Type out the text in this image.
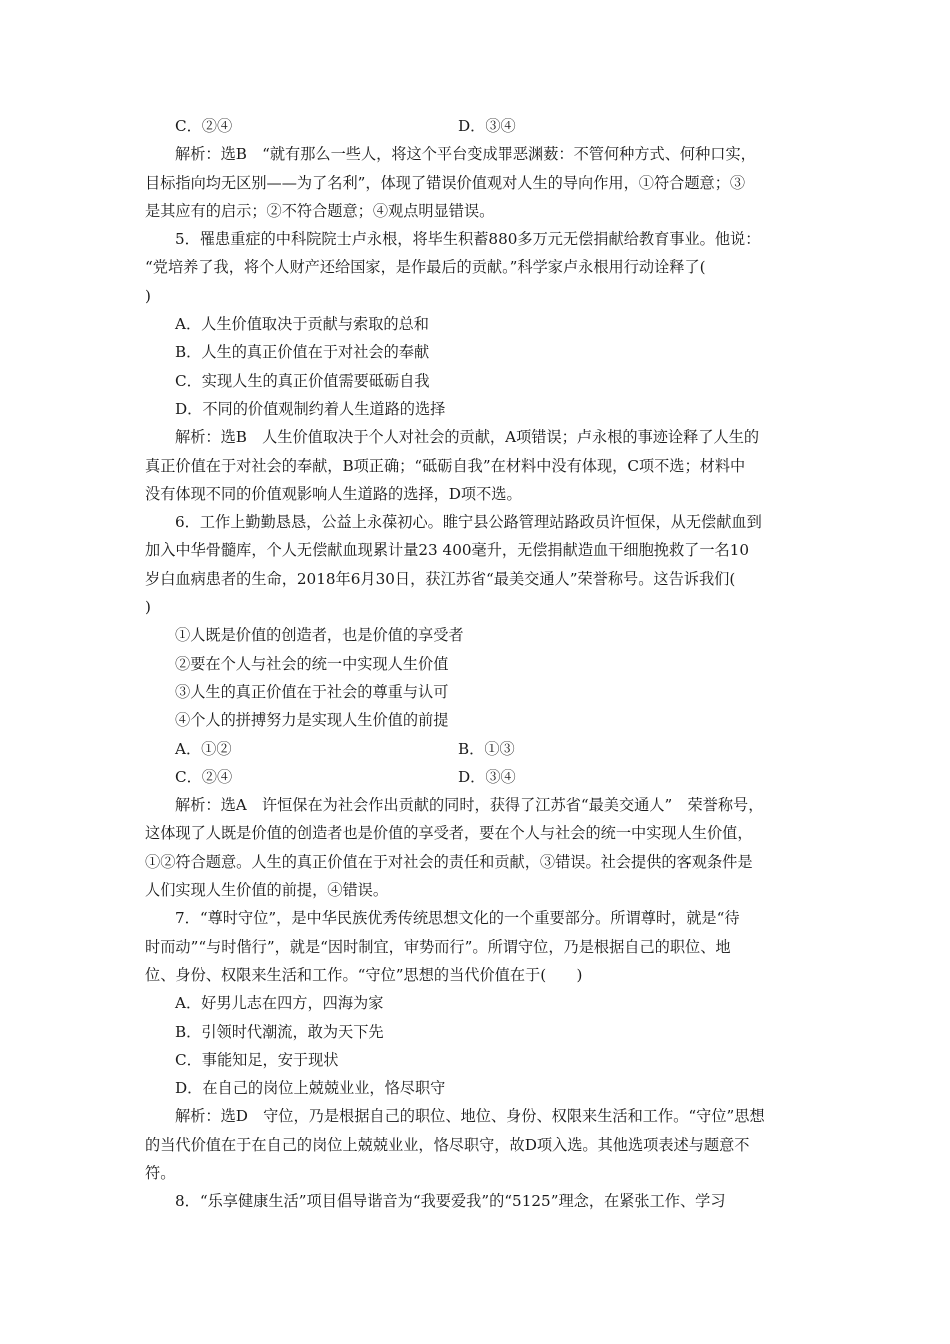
C．②④	D．③④
解析：选B　“就有那么一些人，将这个平台变成罪恶渊薮：不管何种方式、何种口实，
目标指向均无区别——为了名利”，体现了错误价值观对人生的导向作用，①符合题意；③
是其应有的启示；②不符合题意；④观点明显错误。
5．罹患重症的中科院院士卢永根，将毕生积蓄880多万元无偿捐献给教育事业。他说：
“党培养了我，将个人财产还给国家，是作最后的贡献。”科学家卢永根用行动诠释了(
)
A．人生价值取决于贡献与索取的总和
B．人生的真正价值在于对社会的奉献
C．实现人生的真正价值需要砥砺自我
D．不同的价值观制约着人生道路的选择
解析：选B　人生价值取决于个人对社会的贡献，A项错误；卢永根的事迹诠释了人生的
真正价值在于对社会的奉献，B项正确；“砥砺自我”在材料中没有体现，C项不选；材料中
没有体现不同的价值观影响人生道路的选择，D项不选。
6．工作上勤勤恳恳，公益上永葆初心。睢宁县公路管理站路政员许恒保，从无偿献血到
加入中华骨髓库，个人无偿献血现累计量23 400毫升，无偿捐献造血干细胞挽救了一名10
岁白血病患者的生命，2018年6月30日，获江苏省“最美交通人”荣誉称号。这告诉我们(
)
①人既是价值的创造者，也是价值的享受者
②要在个人与社会的统一中实现人生价值
③人生的真正价值在于社会的尊重与认可
④个人的拼搏努力是实现人生价值的前提
A．①②	B．①③
C．②④	D．③④
解析：选A　许恒保在为社会作出贡献的同时，获得了江苏省“最美交通人”　荣誉称号，
这体现了人既是价值的创造者也是价值的享受者，要在个人与社会的统一中实现人生价值，
①②符合题意。人生的真正价值在于对社会的责任和贡献，③错误。社会提供的客观条件是
人们实现人生价值的前提，④错误。
7．“尊时守位”，是中华民族优秀传统思想文化的一个重要部分。所谓尊时，就是“待
时而动”“与时偕行”，就是“因时制宜，审势而行”。所谓守位，乃是根据自己的职位、地
位、身份、权限来生活和工作。“守位”思想的当代价值在于(　　)
A．好男儿志在四方，四海为家
B．引领时代潮流，敢为天下先
C．事能知足，安于现状
D．在自己的岗位上兢兢业业，恪尽职守
解析：选D　守位，乃是根据自己的职位、地位、身份、权限来生活和工作。“守位”思想
的当代价值在于在自己的岗位上兢兢业业，恪尽职守，故D项入选。其他选项表述与题意不
符。
8．“乐享健康生活”项目倡导谐音为“我要爱我”的“5125”理念，在紧张工作、学习
